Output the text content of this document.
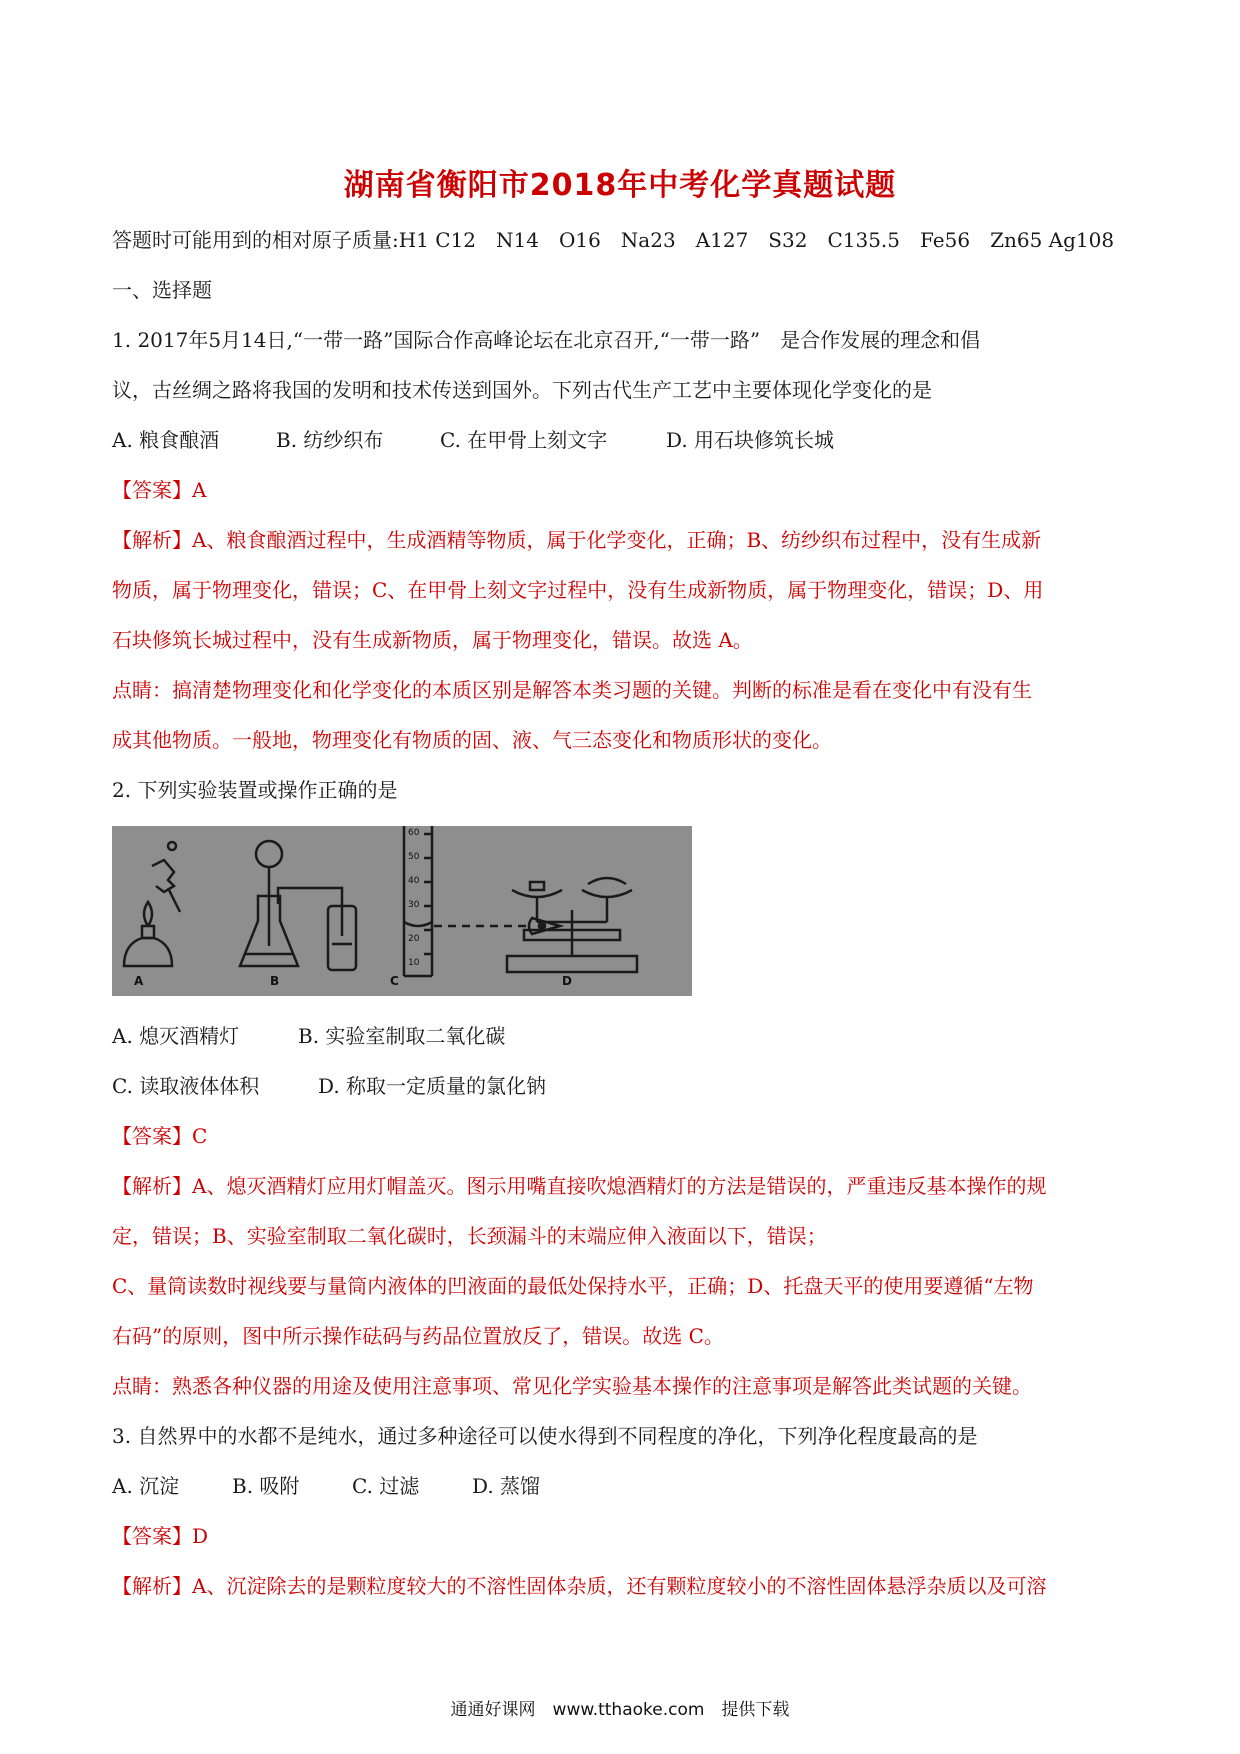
湖南省衡阳市2018年中考化学真题试题
答题时可能用到的相对原子质量:H1 C12　N14　O16　Na23　A127　S32　C135.5　Fe56　Zn65 Ag108
一、选择题
1. 2017年5月14日,“一带一路”国际合作高峰论坛在北京召开,“一带一路”　是合作发展的理念和倡
议，古丝绸之路将我国的发明和技术传送到国外。下列古代生产工艺中主要体现化学变化的是
A. 粮食酿酒	B. 纺纱织布	C. 在甲骨上刻文字	D. 用石块修筑长城
【答案】A
【解析】A、粮食酿酒过程中，生成酒精等物质，属于化学变化，正确；B、纺纱织布过程中，没有生成新
物质，属于物理变化，错误；C、在甲骨上刻文字过程中，没有生成新物质，属于物理变化，错误；D、用
石块修筑长城过程中，没有生成新物质，属于物理变化，错误。故选 A。
点睛：搞清楚物理变化和化学变化的本质区别是解答本类习题的关键。判断的标准是看在变化中有没有生
成其他物质。一般地，物理变化有物质的固、液、气三态变化和物质形状的变化。
2. 下列实验装置或操作正确的是
A	B	C	D
60
50
40
30
20
10
A. 熄灭酒精灯	B. 实验室制取二氧化碳
C. 读取液体体积	D. 称取一定质量的氯化钠
【答案】C
【解析】A、熄灭酒精灯应用灯帽盖灭。图示用嘴直接吹熄酒精灯的方法是错误的，严重违反基本操作的规
定，错误；B、实验室制取二氧化碳时，长颈漏斗的末端应伸入液面以下，错误；
C、量筒读数时视线要与量筒内液体的凹液面的最低处保持水平，正确；D、托盘天平的使用要遵循“左物
右码”的原则，图中所示操作砝码与药品位置放反了，错误。故选 C。
点睛：熟悉各种仪器的用途及使用注意事项、常见化学实验基本操作的注意事项是解答此类试题的关键。
3. 自然界中的水都不是纯水，通过多种途径可以使水得到不同程度的净化，下列净化程度最高的是
A. 沉淀	B. 吸附	C. 过滤	D. 蒸馏
【答案】D
【解析】A、沉淀除去的是颗粒度较大的不溶性固体杂质，还有颗粒度较小的不溶性固体悬浮杂质以及可溶
通通好课网　www.tthaoke.com　提供下载
